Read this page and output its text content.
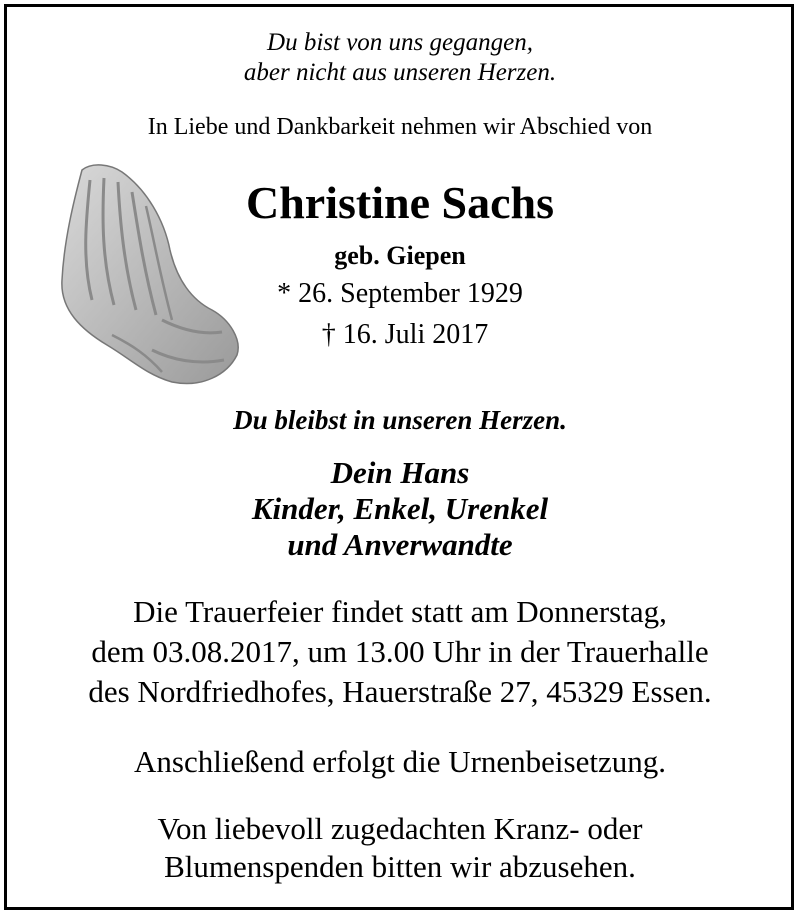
Du bist von uns gegangen,
aber nicht aus unseren Herzen.
In Liebe und Dankbarkeit nehmen wir Abschied von
Christine Sachs
geb. Giepen
* 26. September 1929
† 16. Juli 2017
Du bleibst in unseren Herzen.
Dein Hans
Kinder, Enkel, Urenkel
und Anverwandte
Die Trauerfeier findet statt am Donnerstag,
dem 03.08.2017, um 13.00 Uhr in der Trauerhalle
des Nordfriedhofes, Hauerstraße 27, 45329 Essen.
Anschließend erfolgt die Urnenbeisetzung.
Von liebevoll zugedachten Kranz- oder
Blumenspenden bitten wir abzusehen.
